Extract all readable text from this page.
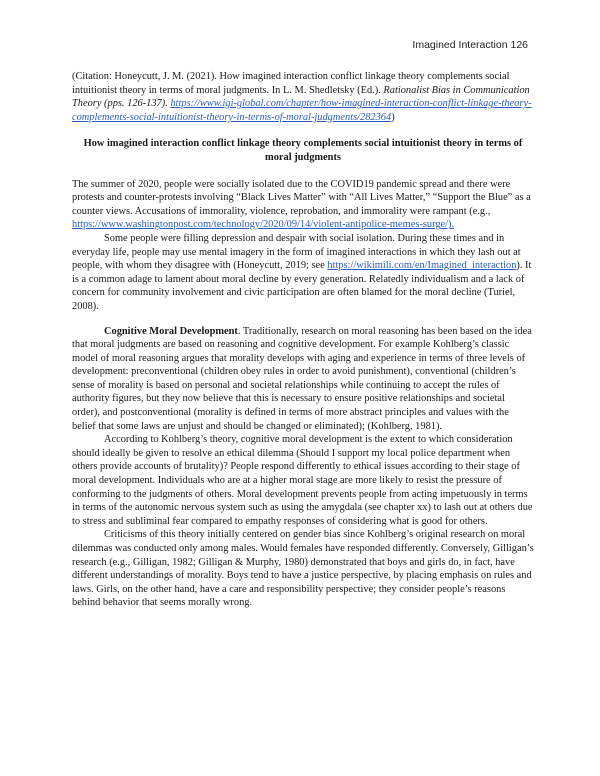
Imagined Interaction 126

(Citation: Honeycutt, J. M. (2021). How imagined interaction conflict linkage theory complements social intuitionist theory in terms of moral judgments. In L. M. Shedletsky (Ed.). Rationalist Bias in Communication Theory (pps. 126-137). https://www.igi-global.com/chapter/how-imagined-interaction-conflict-linkage-theory-complements-social-intuitionist-theory-in-terms-of-moral-judgments/282364)

How imagined interaction conflict linkage theory complements social intuitionist theory in terms of moral judgments

The summer of 2020, people were socially isolated due to the COVID19 pandemic spread and there were protests and counter-protests involving “Black Lives Matter” with “All Lives Matter,” “Support the Blue” as a counter views. Accusations of immorality, violence, reprobation, and immorality were rampant (e.g., https://www.washingtonpost.com/technology/2020/09/14/violent-antipolice-memes-surge/).

Some people were filling depression and despair with social isolation. During these times and in everyday life, people may use mental imagery in the form of imagined interactions in which they lash out at people, with whom they disagree with (Honeycutt, 2019; see https://wikimili.com/en/Imagined_interaction). It is a common adage to lament about moral decline by every generation. Relatedly individualism and a lack of concern for community involvement and civic participation are often blamed for the moral decline (Turiel, 2008).

Cognitive Moral Development. Traditionally, research on moral reasoning has been based on the idea that moral judgments are based on reasoning and cognitive development. For example Kohlberg’s classic model of moral reasoning argues that morality develops with aging and experience in terms of three levels of development: preconventional (children obey rules in order to avoid punishment), conventional (children’s sense of morality is based on personal and societal relationships while continuing to accept the rules of authority figures, but they now believe that this is necessary to ensure positive relationships and societal order), and postconventional (morality is defined in terms of more abstract principles and values with the belief that some laws are unjust and should be changed or eliminated); (Kohlberg, 1981).

According to Kohlberg’s theory, cognitive moral development is the extent to which consideration should ideally be given to resolve an ethical dilemma (Should I support my local police department when others provide accounts of brutality)? People respond differently to ethical issues according to their stage of moral development. Individuals who are at a higher moral stage are more likely to resist the pressure of conforming to the judgments of others. Moral development prevents people from acting impetuously in terms in terms of the autonomic nervous system such as using the amygdala (see chapter xx) to lash out at others due to stress and subliminal fear compared to empathy responses of considering what is good for others.

Criticisms of this theory initially centered on gender bias since Kohlberg’s original research on moral dilemmas was conducted only among males. Would females have responded differently. Conversely, Gilligan’s research (e.g., Gilligan, 1982; Gilligan & Murphy, 1980) demonstrated that boys and girls do, in fact, have different understandings of morality. Boys tend to have a justice perspective, by placing emphasis on rules and laws. Girls, on the other hand, have a care and responsibility perspective; they consider people’s reasons behind behavior that seems morally wrong.
